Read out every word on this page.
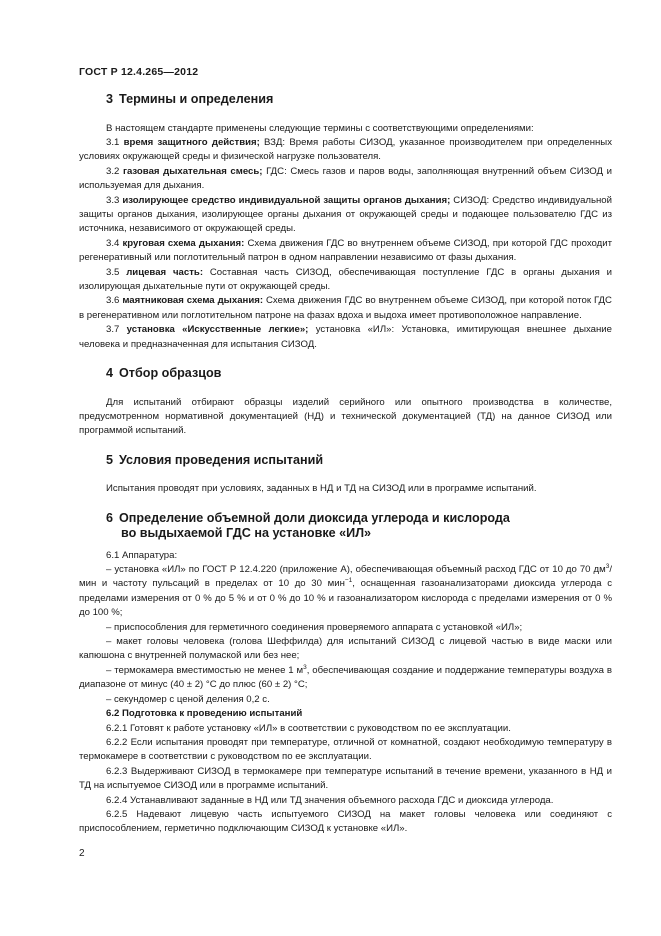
ГОСТ Р 12.4.265—2012
3 Термины и определения

В настоящем стандарте применены следующие термины с соответствующими определениями:

3.1 время защитного действия; ВЗД: Время работы СИЗОД, указанное производителем при определенных условиях окружающей среды и физической нагрузке пользователя.

3.2 газовая дыхательная смесь; ГДС: Смесь газов и паров воды, заполняющая внутренний объем СИЗОД и используемая для дыхания.

3.3 изолирующее средство индивидуальной защиты органов дыхания; СИЗОД: Средство индивидуальной защиты органов дыхания, изолирующее органы дыхания от окружающей среды и подающее пользователю ГДС из источника, независимого от окружающей среды.

3.4 круговая схема дыхания: Схема движения ГДС во внутреннем объеме СИЗОД, при которой ГДС проходит регенеративный или поглотительный патрон в одном направлении независимо от фазы дыхания.

3.5 лицевая часть: Составная часть СИЗОД, обеспечивающая поступление ГДС в органы дыхания и изолирующая дыхательные пути от окружающей среды.

3.6 маятниковая схема дыхания: Схема движения ГДС во внутреннем объеме СИЗОД, при которой поток ГДС в регенеративном или поглотительном патроне на фазах вдоха и выдоха имеет противоположное направление.

3.7 установка «Искусственные легкие»; установка «ИЛ»: Установка, имитирующая внешнее дыхание человека и предназначенная для испытания СИЗОД.

4 Отбор образцов

Для испытаний отбирают образцы изделий серийного или опытного производства в количестве, предусмотренном нормативной документацией (НД) и технической документацией (ТД) на данное СИЗОД или программой испытаний.

5 Условия проведения испытаний

Испытания проводят при условиях, заданных в НД и ТД на СИЗОД или в программе испытаний.

6 Определение объемной доли диоксида углерода и кислорода
во выдыхаемой ГДС на установке «ИЛ»

6.1 Аппаратура:

– установка «ИЛ» по ГОСТ Р 12.4.220 (приложение А), обеспечивающая объемный расход ГДС от 10 до 70 $дм^3$/мин и частоту пульсаций в пределах от 10 до 30 мин$^{-1}$, оснащенная газоанализаторами диоксида углерода с пределами измерения от 0 % до 5 % и от 0 % до 10 % и газоанализатором кислорода с пределами измерения от 0 % до 100 %;

– приспособления для герметичного соединения проверяемого аппарата с установкой «ИЛ»;

– макет головы человека (голова Шеффилда) для испытаний СИЗОД с лицевой частью в виде маски или капюшона с внутренней полумаской или без нее;

– термокамера вместимостью не менее 1 $м^3$, обеспечивающая создание и поддержание температуры воздуха в диапазоне от минус (40 ± 2) °С до плюс (60 ± 2) °С;

– секундомер с ценой деления 0,2 с.

6.2 Подготовка к проведению испытаний

6.2.1 Готовят к работе установку «ИЛ» в соответствии с руководством по ее эксплуатации.

6.2.2 Если испытания проводят при температуре, отличной от комнатной, создают необходимую температуру в термокамере в соответствии с руководством по ее эксплуатации.

6.2.3 Выдерживают СИЗОД в термокамере при температуре испытаний в течение времени, указанного в НД и ТД на испытуемое СИЗОД или в программе испытаний.

6.2.4 Устанавливают заданные в НД или ТД значения объемного расхода ГДС и диоксида углерода.

6.2.5 Надевают лицевую часть испытуемого СИЗОД на макет головы человека или соединяют с приспособлением, герметично подключающим СИЗОД к установке «ИЛ».

2
